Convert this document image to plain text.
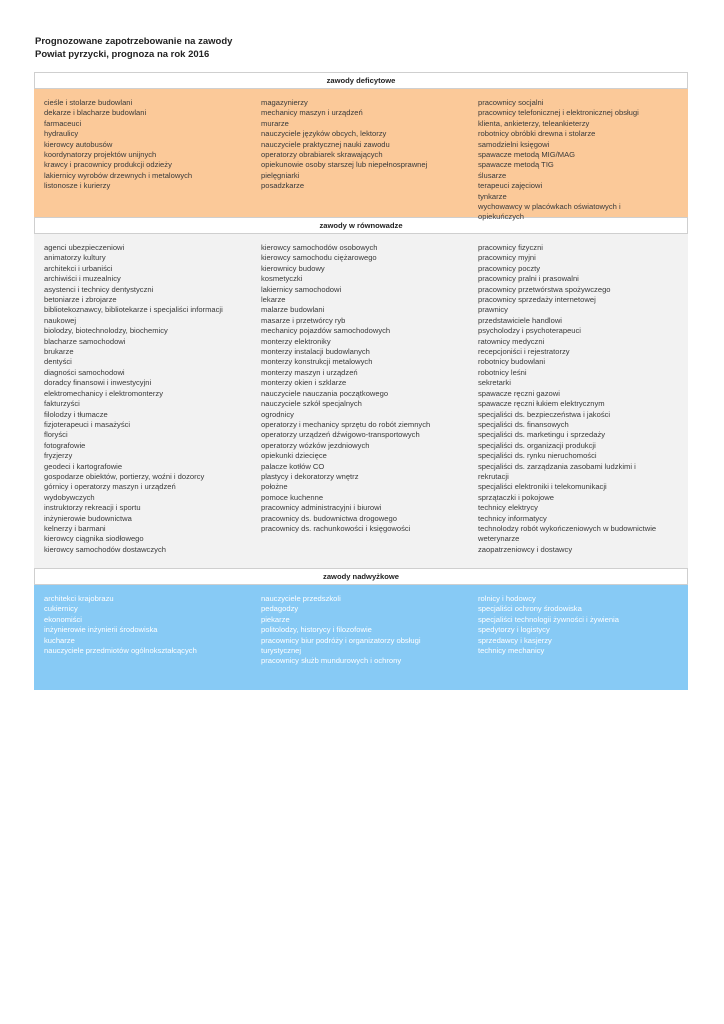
Prognozowane zapotrzebowanie na zawody
Powiat pyrzycki, prognoza na rok 2016
zawody deficytowe
cieśle i stolarze budowlani
dekarze i blacharze budowlani
farmaceuci
hydraulicy
kierowcy autobusów
koordynatorzy projektów unijnych
krawcy i pracownicy produkcji odzieży
lakiernicy wyrobów drzewnych i metalowych
listonosze i kurierzy
magazynierzy
mechanicy maszyn i urządzeń
murarze
nauczyciele języków obcych, lektorzy
nauczyciele praktycznej nauki zawodu
operatorzy obrabiarek skrawających
opiekunowie osoby starszej lub niepełnosprawnej
pielęgniarki
posadzkarze
pracownicy socjalni
pracownicy telefonicznej i elektronicznej obsługi
klienta, ankieterzy, teleankieterzy
robotnicy obróbki drewna i stolarze
samodzielni księgowi
spawacze metodą MIG/MAG
spawacze metodą TIG
ślusarze
terapeuci zajęciowi
tynkarze
wychowawcy w placówkach oświatowych i
opiekuńczych
zawody w równowadze
agenci ubezpieczeniowi
animatorzy kultury
architekci i urbaniści
archiwiści i muzealnicy
asystenci i technicy dentystyczni
betoniarze i zbrojarze
bibliotekoznawcy, bibliotekarze i specjaliści informacji
naukowej
biolodzy, biotechnolodzy, biochemicy
blacharze samochodowi
brukarze
dentyści
diagności samochodowi
doradcy finansowi i inwestycyjni
elektromechanicy i elektromonterzy
fakturzyści
filolodzy i tłumacze
fizjoterapeuci i masażyści
floryści
fotografowie
fryzjerzy
geodeci i kartografowie
gospodarze obiektów, portierzy, woźni i dozorcy
górnicy i operatorzy maszyn i urządzeń
wydobywczych
instruktorzy rekreacji i sportu
inżynierowie budownictwa
kelnerzy i barmani
kierowcy ciągnika siodłowego
kierowcy samochodów dostawczych
kierowcy samochodów osobowych
kierowcy samochodu ciężarowego
kierownicy budowy
kosmetyczki
lakiernicy samochodowi
lekarze
malarze budowlani
masarze i przetwórcy ryb
mechanicy pojazdów samochodowych
monterzy elektroniky
monterzy instalacji budowlanych
monterzy konstrukcji metalowych
monterzy maszyn i urządzeń
monterzy okien i szklarze
nauczyciele nauczania początkowego
nauczyciele szkół specjalnych
ogrodnicy
operatorzy i mechanicy sprzętu do robót ziemnych
operatorzy urządzeń dźwigowo-transportowych
operatorzy wózków jezdniowych
opiekunki dziecięce
palacze kotłów CO
plastycy i dekoratorzy wnętrz
położne
pomoce kuchenne
pracownicy administracyjni i biurowi
pracownicy ds. budownictwa drogowego
pracownicy ds. rachunkowości i księgowości
pracownicy fizyczni
pracownicy myjni
pracownicy poczty
pracownicy pralni i prasowalni
pracownicy przetwórstwa spożywczego
pracownicy sprzedaży internetowej
prawnicy
przedstawiciele handlowi
psycholodzy i psychoterapeuci
ratownicy medyczni
recepcjoniści i rejestratorzy
robotnicy budowlani
robotnicy leśni
sekretarki
spawacze ręczni gazowi
spawacze ręczni łukiem elektrycznym
specjaliści ds. bezpieczeństwa i jakości
specjaliści ds. finansowych
specjaliści ds. marketingu i sprzedaży
specjaliści ds. organizacji produkcji
specjaliści ds. rynku nieruchomości
specjaliści ds. zarządzania zasobami ludzkimi i
rekrutacji
specjaliści elektroniki i telekomunikacji
sprzątaczki i pokojowe
technicy elektrycy
technicy informatycy
technolodzy robót wykończeniowych w budownictwie
weterynarze
zaopatrzeniowcy i dostawcy
zawody nadwyżkowe
architekci krajobrazu
cukiernicy
ekonomiści
inżynierowie inżynierii środowiska
kucharze
nauczyciele przedmiotów ogólnokształcących
nauczyciele przedszkoli
pedagodzy
piekarze
politolodzy, historycy i filozofowie
pracownicy biur podróży i organizatorzy obsługi
turystycznej
pracownicy służb mundurowych i ochrony
rolnicy i hodowcy
specjaliści ochrony środowiska
specjaliści technologii żywności i żywienia
spedytorzy i logistycy
sprzedawcy i kasjerzy
technicy mechanicy
